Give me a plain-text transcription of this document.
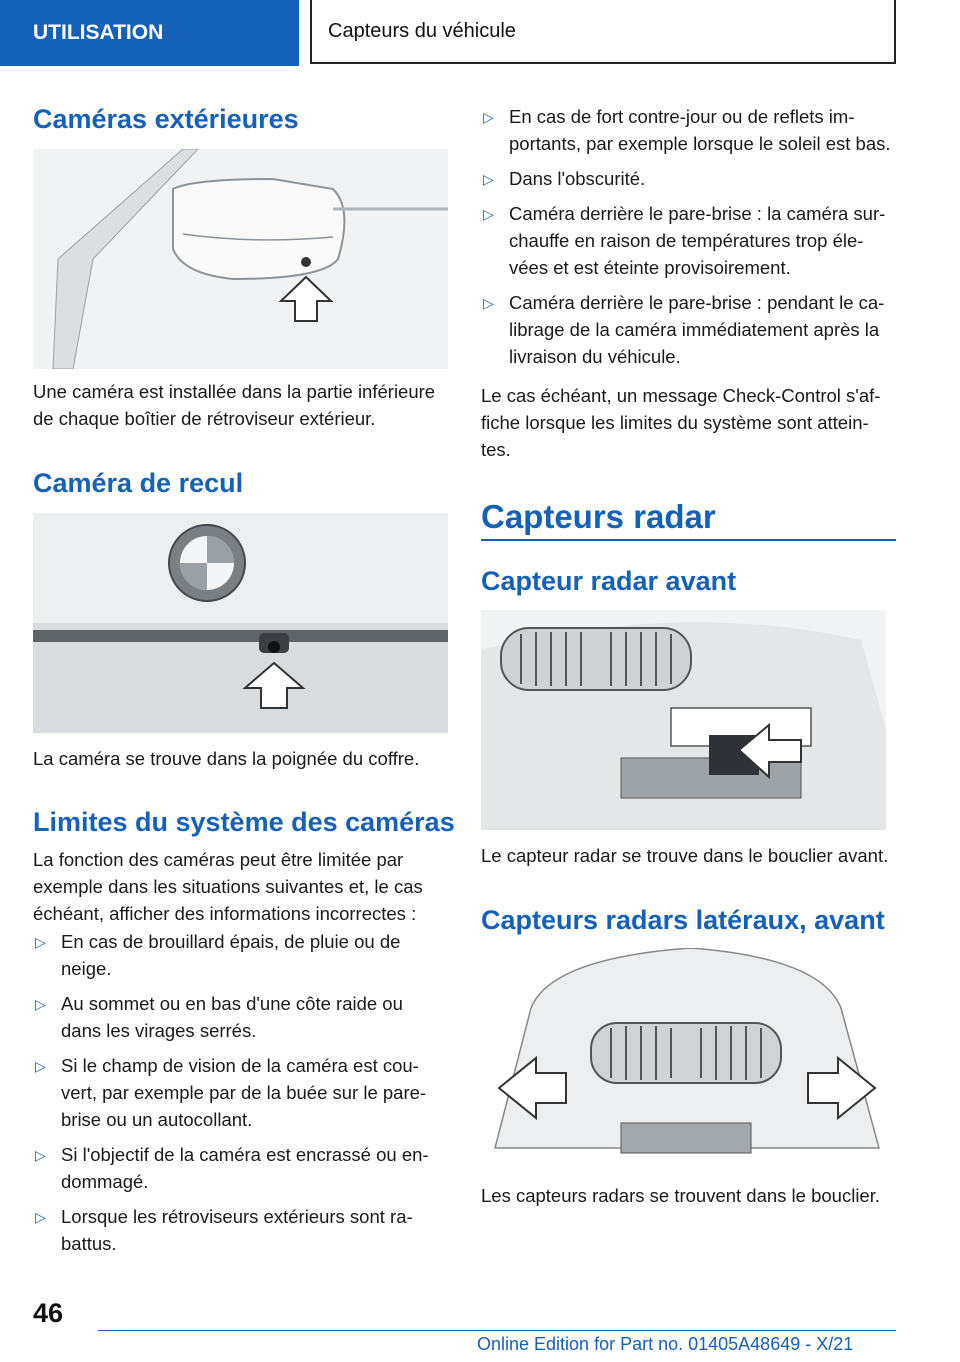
UTILISATION	Capteurs du véhicule
Caméras extérieures

Une caméra est installée dans la partie inférieure de chaque boîtier de rétroviseur extérieur.

Caméra de recul

La caméra se trouve dans la poignée du coffre.

Limites du système des caméras

La fonction des caméras peut être limitée par exemple dans les situations suivantes et, le cas échéant, afficher des informations incorrectes :

▷ En cas de brouillard épais, de pluie ou de neige.
▷ Au sommet ou en bas d'une côte raide ou dans les virages serrés.
▷ Si le champ de vision de la caméra est cou-vert, par exemple par de la buée sur le pare-brise ou un autocollant.
▷ Si l'objectif de la caméra est encrassé ou en-dommagé.
▷ Lorsque les rétroviseurs extérieurs sont ra-battus.
▷ En cas de fort contre-jour ou de reflets im-portants, par exemple lorsque le soleil est bas.
▷ Dans l'obscurité.
▷ Caméra derrière le pare-brise : la caméra sur-chauffe en raison de températures trop éle-vées et est éteinte provisoirement.
▷ Caméra derrière le pare-brise : pendant le ca-librage de la caméra immédiatement après la livraison du véhicule.

Le cas échéant, un message Check-Control s'af-fiche lorsque les limites du système sont attein-tes.

Capteurs radar
Capteur radar avant

Le capteur radar se trouve dans le bouclier avant.

Capteurs radars latéraux, avant

Les capteurs radars se trouvent dans le bouclier.

46
Online Edition for Part no. 01405A48649 - X/21
